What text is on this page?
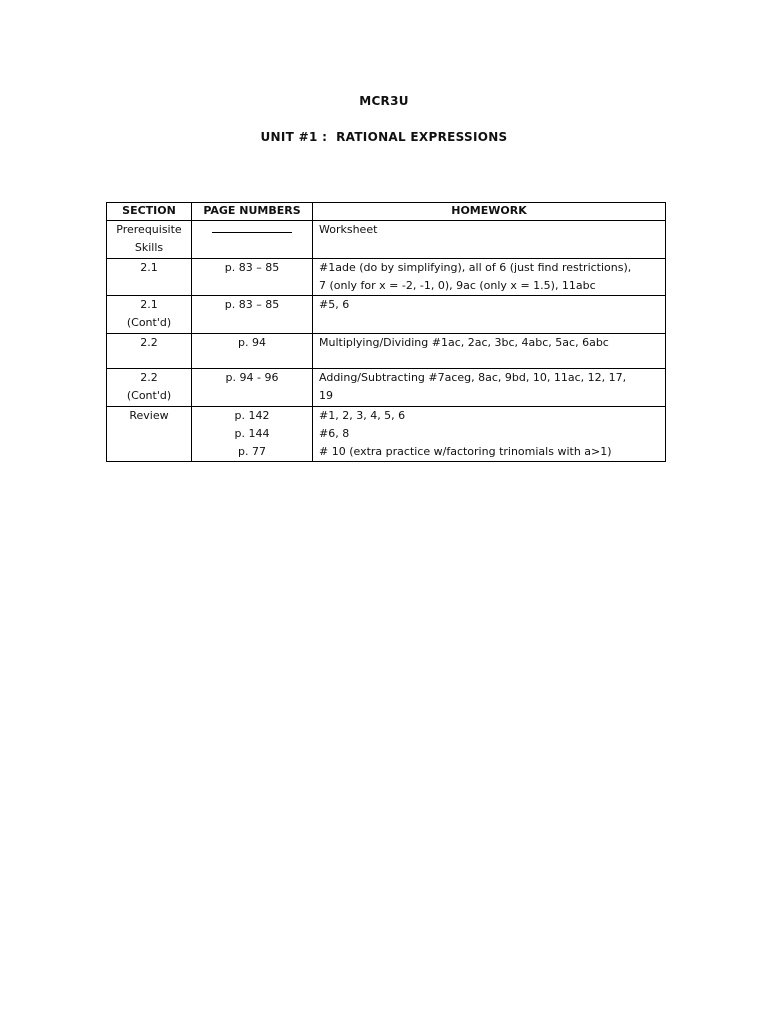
MCR3U
UNIT #1 :  RATIONAL EXPRESSIONS
SECTION	PAGE NUMBERS	HOMEWORK

Prerequisite
Skills		Worksheet

2.1	p. 83 – 85	#1ade (do by simplifying), all of 6 (just find restrictions),
7 (only for x = -2, -1, 0), 9ac (only x = 1.5), 11abc

2.1
(Cont'd)	p. 83 – 85	#5, 6

2.2	p. 94	Multiplying/Dividing #1ac, 2ac, 3bc, 4abc, 5ac, 6abc

2.2
(Cont'd)	p. 94 - 96	Adding/Subtracting #7aceg, 8ac, 9bd, 10, 11ac, 12, 17,
19

Review	p. 142
p. 144
p. 77	#1, 2, 3, 4, 5, 6
#6, 8
# 10 (extra practice w/factoring trinomials with a>1)
